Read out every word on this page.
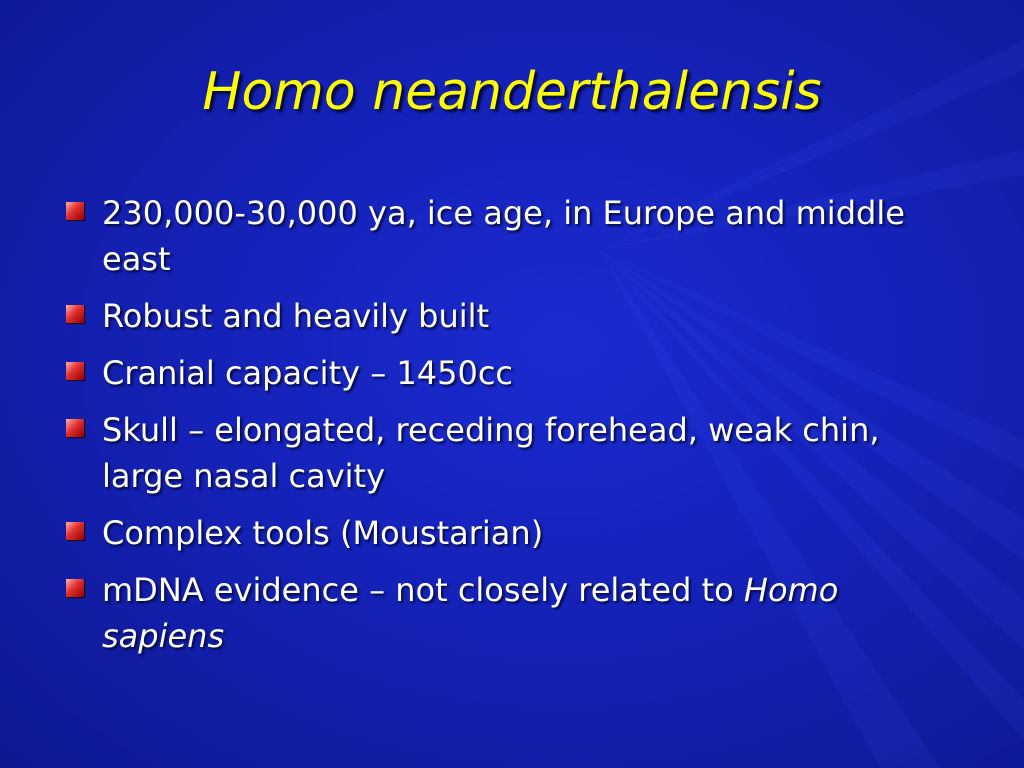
Homo neanderthalensis
230,000-30,000 ya, ice age, in Europe and middle east
Robust and heavily built
Cranial capacity – 1450cc
Skull – elongated, receding forehead, weak chin, large nasal cavity
Complex tools (Moustarian)
mDNA evidence – not closely related to Homo sapiens
